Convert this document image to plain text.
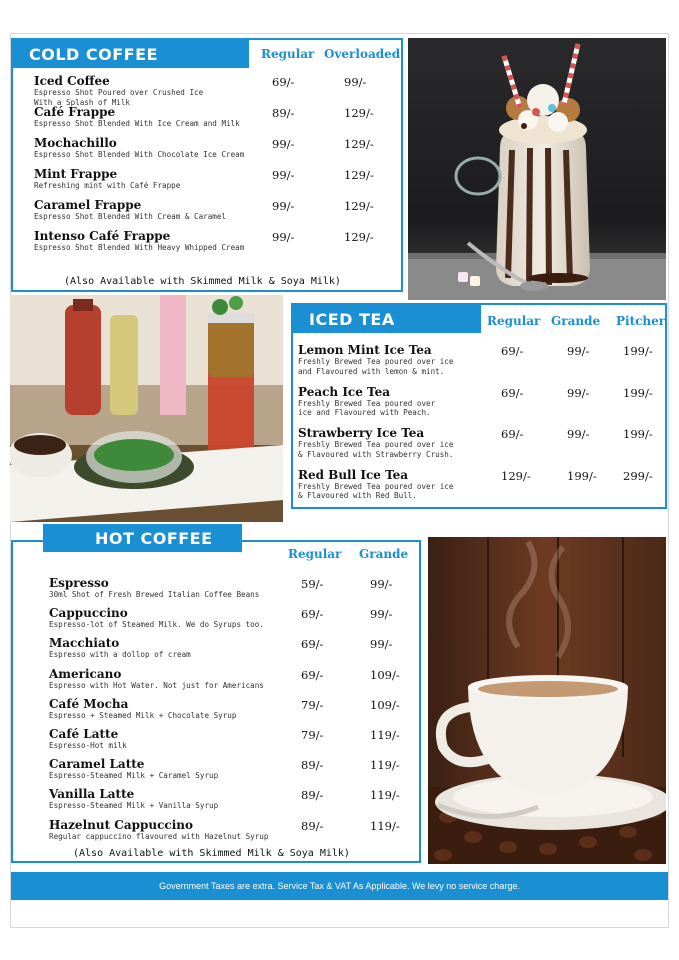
COLD COFFEE	Regular Overloaded
Iced Coffee
Espresso Shot Poured over Crushed Ice
With a Splash of Milk
69/-	99/-
Café Frappe
Espresso Shot Blended With Ice Cream and Milk
89/-	129/-
Mochachillo
Espresso Shot Blended With Chocolate Ice Cream
99/-	129/-
Mint Frappe
Refreshing mint with Café Frappe
99/-	129/-
Caramel Frappe
Espresso Shot Blended With Cream & Caramel
99/-	129/-
Intenso Café Frappe
Espresso Shot Blended With Heavy Whipped Cream
99/-	129/-
(Also Available with Skimmed Milk & Soya Milk)
ICED TEA	Regular Grande Pitcher
Lemon Mint Ice Tea
Freshly Brewed Tea poured over ice
and Flavoured with lemon & mint.
69/-	99/-	199/-
Peach Ice Tea
Freshly Brewed Tea poured over
ice and Flavoured with Peach.
69/-	99/-	199/-
Strawberry Ice Tea
Freshly Brewed Tea poured over ice
& Flavoured with Strawberry Crush.
69/-	99/-	199/-
Red Bull Ice Tea
Freshly Brewed Tea poured over ice
& Flavoured with Red Bull.
129/-	199/- 299/-
Espresso
30ml Shot of Fresh Brewed Italian Coffee Beans
59/-	99/-
Cappuccino
Espresso-lot of Steamed Milk. We do Syrups too.
69/-	99/-
Macchiato
Espresso with a dollop of cream
69/-	99/-
Americano
Espresso with Hot Water. Not just for Americans
69/-	109/-
Café Mocha
Espresso + Steamed Milk + Chocolate Syrup
79/-	109/-
Café Latte
Espresso-Hot milk
79/-	119/-
Caramel Latte
Espresso-Steamed Milk + Caramel Syrup
89/-	119/-
Vanilla Latte
Espresso-Steamed Milk + Vanilla Syrup
89/-	119/-
Hazelnut Cappuccino
Regular cappuccino flavoured with Hazelnut Syrup
89/-	119/-
(Also Available with Skimmed Milk & Soya Milk)
HOT COFFEE
Regular Grande
Government Taxes are extra. Service Tax & VAT As Applicable. We levy no service charge.
